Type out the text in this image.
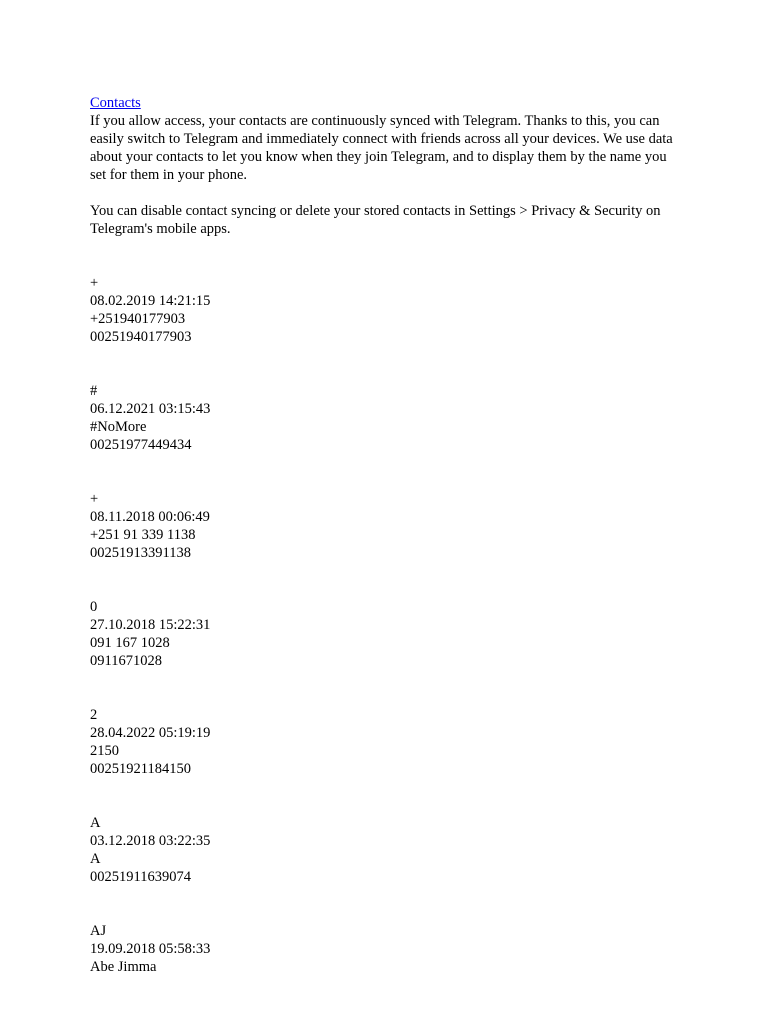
Contacts

If you allow access, your contacts are continuously synced with Telegram. Thanks to this, you can easily switch to Telegram and immediately connect with friends across all your devices. We use data about your contacts to let you know when they join Telegram, and to display them by the name you set for them in your phone.

You can disable contact syncing or delete your stored contacts in Settings > Privacy & Security on Telegram's mobile apps.

+
08.02.2019 14:21:15
+251940177903
00251940177903
#
06.12.2021 03:15:43
#NoMore
00251977449434
+
08.11.2018 00:06:49
+251 91 339 1138
00251913391138
0
27.10.2018 15:22:31
091 167 1028
0911671028
2
28.04.2022 05:19:19
2150
00251921184150
A
03.12.2018 03:22:35
A
00251911639074
AJ
19.09.2018 05:58:33
Abe Jimma
